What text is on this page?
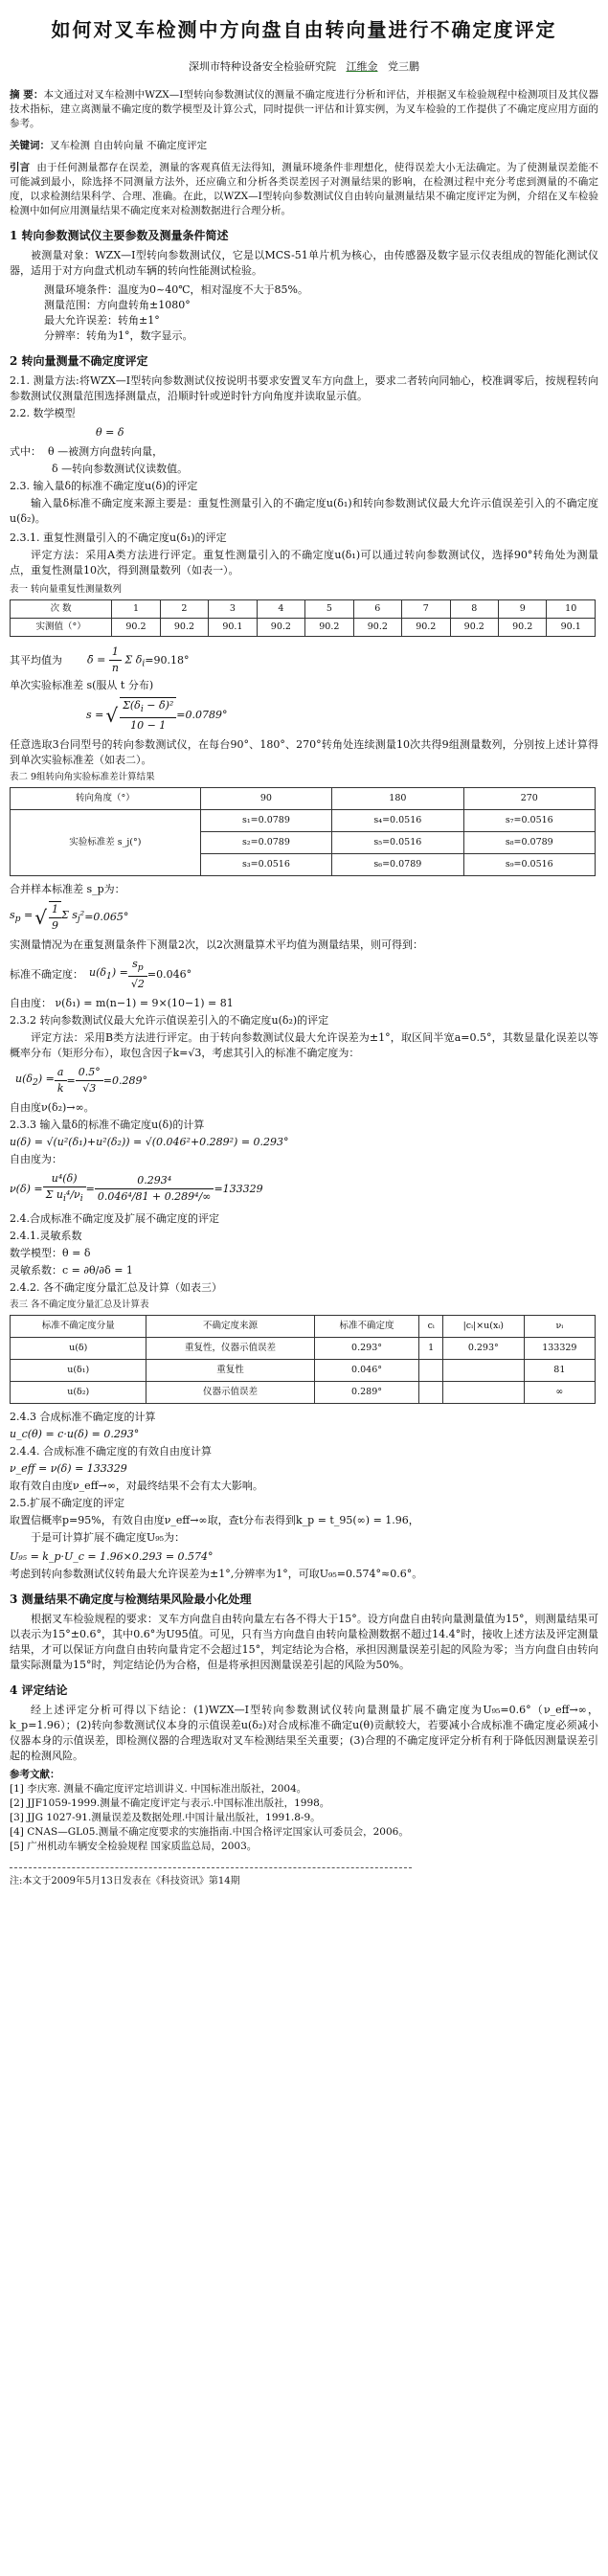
如何对叉车检测中方向盘自由转向量进行不确定度评定
深圳市特种设备安全检验研究院 江维金 党三鹏
摘 要：本文通过对叉车检测中WZX—I型转向参数测试仪的测量不确定度进行分析和评估，并根据叉车检验规程中检测项目及其仪器技术指标，建立离测量不确定度的数学模型及计算公式，同时提供一评估和计算实例，为叉车检验的工作提供了不确定度应用方面的参考。
关键词：叉车检测 自由转向量 不确定度评定
引言 由于任何测量都存在误差，测量的客观真值无法得知，测量环境条件非理想化，使得误差大小无法确定。为了使测量误差能不可能减到最小，除选择不同测量方法外，还应确立和分析各类误差因子对测量结果的影响，在检测过程中充分考虑到测量的不确定度，以求检测结果科学、合理、准确。在此，以WZX—I型转向参数测试仪自由转向量测量结果不确定度评定为例，介绍在叉车检验检测中如何应用测量结果不确定度来对检测数据进行合理分析。
1 转向参数测试仪主要参数及测量条件简述
被测量对象：WZX—I型转向参数测试仪，它是以MCS-51单片机为核心，由传感器及数字显示仪表组成的智能化测试仪器，适用于对方向盘式机动车辆的转向性能测试检验。
测量环境条件：温度为0~40℃，相对湿度不大于85%。
测量范围：方向盘转角±1080°
最大允许误差：转角±1°
分辨率：转角为1°，数字显示。
2 转向量测量不确定度评定
2.1. 测量方法:将WZX—I型转向参数测试仪按说明书要求安置叉车方向盘上，要求二者转向同轴心，校准调零后，按规程转向参数测试仪测量范围选择测量点，沿顺时针或逆时针方向角度并读取显示值。
2.2. 数学模型
θ = δ
式中： θ —被测方向盘转向量，
δ —转向参数测试仪读数值。
2.3. 输入量δ的标准不确定度u(δ)的评定
输入量δ标准不确定度来源主要是：重复性测量引入的不确定度u(δ₁)和转向参数测试仪最大允许示值误差引入的不确定度u(δ₂)。
2.3.1. 重复性测量引入的不确定度u(δ₁)的评定
评定方法：采用A类方法进行评定。重复性测量引入的不确定度u(δ₁)可以通过转向参数测试仪，选择90°转角处为测量点，重复性测量10次，得到测量数列（如表一）。
表一 转向量重复性测量数列
次 数	1	2	3	4	5	6	7	8	9	10
实测值（°）	90.2	90.2	90.1	90.2	90.2	90.2	90.2	90.2	90.2	90.1
其平均值为 δ̄ = $\frac{1}{n}$ Σ $\delta_i =90.18^\circ$
单次实验标准差 s(服从 t 分布)
s = √ $\frac{\Sigma(\delta_i - \deltā)^2}{10 - 1} =0.0789^\circ$
任意选取3台同型号的转向参数测试仪，在每台90°、180°、270°转角处连续测量10次共得9组测量数列，分别按上述计算得到单次实验标准差（如表二）。
表二 9组转向角实验标准差计算结果
转向角度（°）	90	180	270
实验标准差 s_j(°)	s₁=0.0789	s₄=0.0516	s₇=0.0516
	s₂=0.0789	s₅=0.0516	s₈=0.0789
	s₃=0.0516	s₆=0.0789	s₉=0.0516
合并样本标准差 s_p为：
$s_p$ = √ $\frac{1}{9}$ Σ $s_j^2 =0.065^\circ$
实测量情况为在重复测量条件下测量2次，以2次测量算术平均值为测量结果，则可得到：
标准不确定度： $u(\delta_1) = \frac{s_p}{√2} =0.046^\circ$
自由度： ν(δ₁) = m(n−1) = 9×(10−1) = 81
2.3.2 转向参数测试仪最大允许示值误差引入的不确定度u(δ₂)的评定
评定方法：采用B类方法进行评定。由于转向参数测试仪最大允许误差为±1°，取区间半宽a=0.5°，其数显量化误差以等概率分布（矩形分布），取包含因子k=√3，考虑其引入的标准不确定度为：
$u(\delta_2) = \frac{a}{k} = \frac{0.5^\circ}{√3} =0.289^\circ$
自由度ν(δ₂)→∞。
2.3.3 输入量δ的标准不确定度u(δ)的计算
u(δ) = √(u²(δ₁)+u²(δ₂)) = √(0.046²+0.289²) = 0.293°
自由度为：
$\nu(\delta) = \frac{\text{u⁴(δ)}}{\Sigma u_i^4/\nu_i} = \frac{\text{0.293⁴}}{\text{0.046⁴/81 + 0.289⁴/∞}} =133329$
2.4.合成标准不确定度及扩展不确定度的评定
2.4.1.灵敏系数
数学模型：θ = δ
灵敏系数：c = ∂θ/∂δ = 1
2.4.2. 各不确定度分量汇总及计算（如表三）
表三 各不确定度分量汇总及计算表
标准不确定度分量	不确定度来源	标准不确定度	cᵢ	|cᵢ|×u(xᵢ)	νᵢ
u(δ)	重复性，仪器示值误差	0.293°	1	0.293°	133329
u(δ₁)	重复性	0.046°			81
u(δ₂)	仪器示值误差	0.289°			∞
2.4.3 合成标准不确定度的计算
u_c(θ) = c·u(δ) = 0.293°
2.4.4. 合成标准不确定度的有效自由度计算
ν_eff = ν(δ) = 133329
取有效自由度ν_eff→∞，对最终结果不会有太大影响。
2.5.扩展不确定度的评定
取置信概率p=95%，有效自由度ν_eff→∞取，查t分布表得到k_p = t_95(∞) = 1.96，
于是可计算扩展不确定度U₉₅为：
U₉₅ = k_p·U_c = 1.96×0.293 = 0.574°
考虑到转向参数测试仪转角最大允许误差为±1°,分辨率为1°，可取U₉₅=0.574°≈0.6°。
3 测量结果不确定度与检测结果风险最小化处理
根据叉车检验规程的要求：叉车方向盘自由转向量左右各不得大于15°。设方向盘自由转向量测量值为15°，则测量结果可以表示为15°±0.6°，其中0.6°为U95值。可见，只有当方向盘自由转向量检测数据不超过14.4°时，接收上述方法及评定测量结果，才可以保证方向盘自由转向量肯定不会超过15°，判定结论为合格，承担因测量误差引起的风险为零；当方向盘自由转向量实际测量为15°时，判定结论仍为合格，但是将承担因测量误差引起的风险为50%。
4 评定结论
经上述评定分析可得以下结论：(1)WZX—I型转向参数测试仪转向量测量扩展不确定度为U₉₅=0.6°（ν_eff→∞，k_p=1.96）；(2)转向参数测试仪本身的示值误差u(δ₂)对合成标准不确定u(θ)贡献较大，若要减小合成标准不确定度必须减小仪器本身的示值误差，即检测仪器的合理选取对叉车检测结果至关重要；(3)合理的不确定度评定分析有利于降低因测量误差引起的检测风险。
参考文献：
[1] 李庆寒. 测量不确定度评定培训讲义. 中国标准出版社，2004。
[2] JJF1059-1999.测量不确定度评定与表示.中国标准出版社，1998。
[3] JJG 1027-91.测量误差及数据处理.中国计量出版社，1991.8-9。
[4] CNAS—GL05.测量不确定度要求的实施指南.中国合格评定国家认可委员会，2006。
[5] 广州机动车辆安全检验规程 国家质监总局，2003。
注:本文于2009年5月13日发表在《科技资讯》第14期
